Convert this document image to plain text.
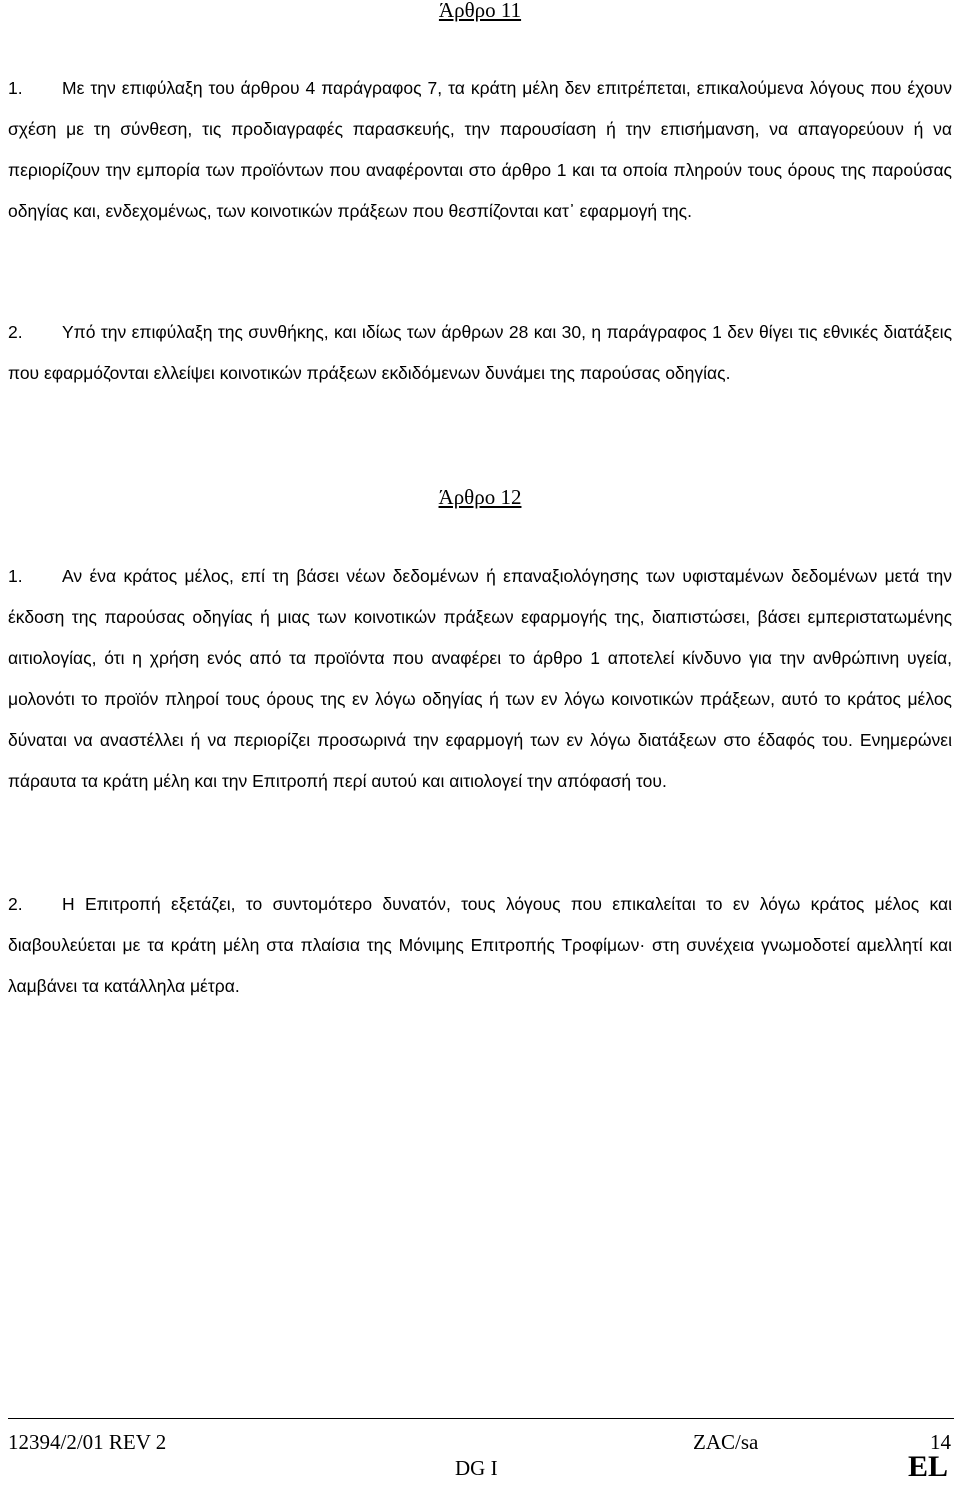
Άρθρο 11

1. Με την επιφύλαξη του άρθρου 4 παράγραφος 7, τα κράτη μέλη δεν επιτρέπεται, επικαλούμενα λόγους που έχουν σχέση με τη σύνθεση, τις προδιαγραφές παρασκευής, την παρουσίαση ή την επισήμανση, να απαγορεύουν ή να περιορίζουν την εμπορία των προϊόντων που αναφέρονται στο άρθρο 1 και τα οποία πληρούν τους όρους της παρούσας οδηγίας και, ενδεχομένως, των κοινοτικών πράξεων που θεσπίζονται κατ᾽ εφαρμογή της.

2. Υπό την επιφύλαξη της συνθήκης, και ιδίως των άρθρων 28 και 30, η παράγραφος 1 δεν θίγει τις εθνικές διατάξεις που εφαρμόζονται ελλείψει κοινοτικών πράξεων εκδιδόμενων δυνάμει της παρούσας οδηγίας.

Άρθρο 12

1. Αν ένα κράτος μέλος, επί τη βάσει νέων δεδομένων ή επαναξιολόγησης των υφισταμένων δεδομένων μετά την έκδοση της παρούσας οδηγίας ή μιας των κοινοτικών πράξεων εφαρμογής της, διαπιστώσει, βάσει εμπεριστατωμένης αιτιολογίας, ότι η χρήση ενός από τα προϊόντα που αναφέρει το άρθρο 1 αποτελεί κίνδυνο για την ανθρώπινη υγεία, μολονότι το προϊόν πληροί τους όρους της εν λόγω οδηγίας ή των εν λόγω κοινοτικών πράξεων, αυτό το κράτος μέλος δύναται να αναστέλλει ή να περιορίζει προσωρινά την εφαρμογή των εν λόγω διατάξεων στο έδαφός του. Ενημερώνει πάραυτα τα κράτη μέλη και την Επιτροπή περί αυτού και αιτιολογεί την απόφασή του.

2. Η Επιτροπή εξετάζει, το συντομότερο δυνατόν, τους λόγους που επικαλείται το εν λόγω κράτος μέλος και διαβουλεύεται με τα κράτη μέλη στα πλαίσια της Μόνιμης Επιτροπής Τροφίμων· στη συνέχεια γνωμοδοτεί αμελλητί και λαμβάνει τα κατάλληλα μέτρα.

12394/2/01 REV 2	ZAC/sa	14
DG I	EL
